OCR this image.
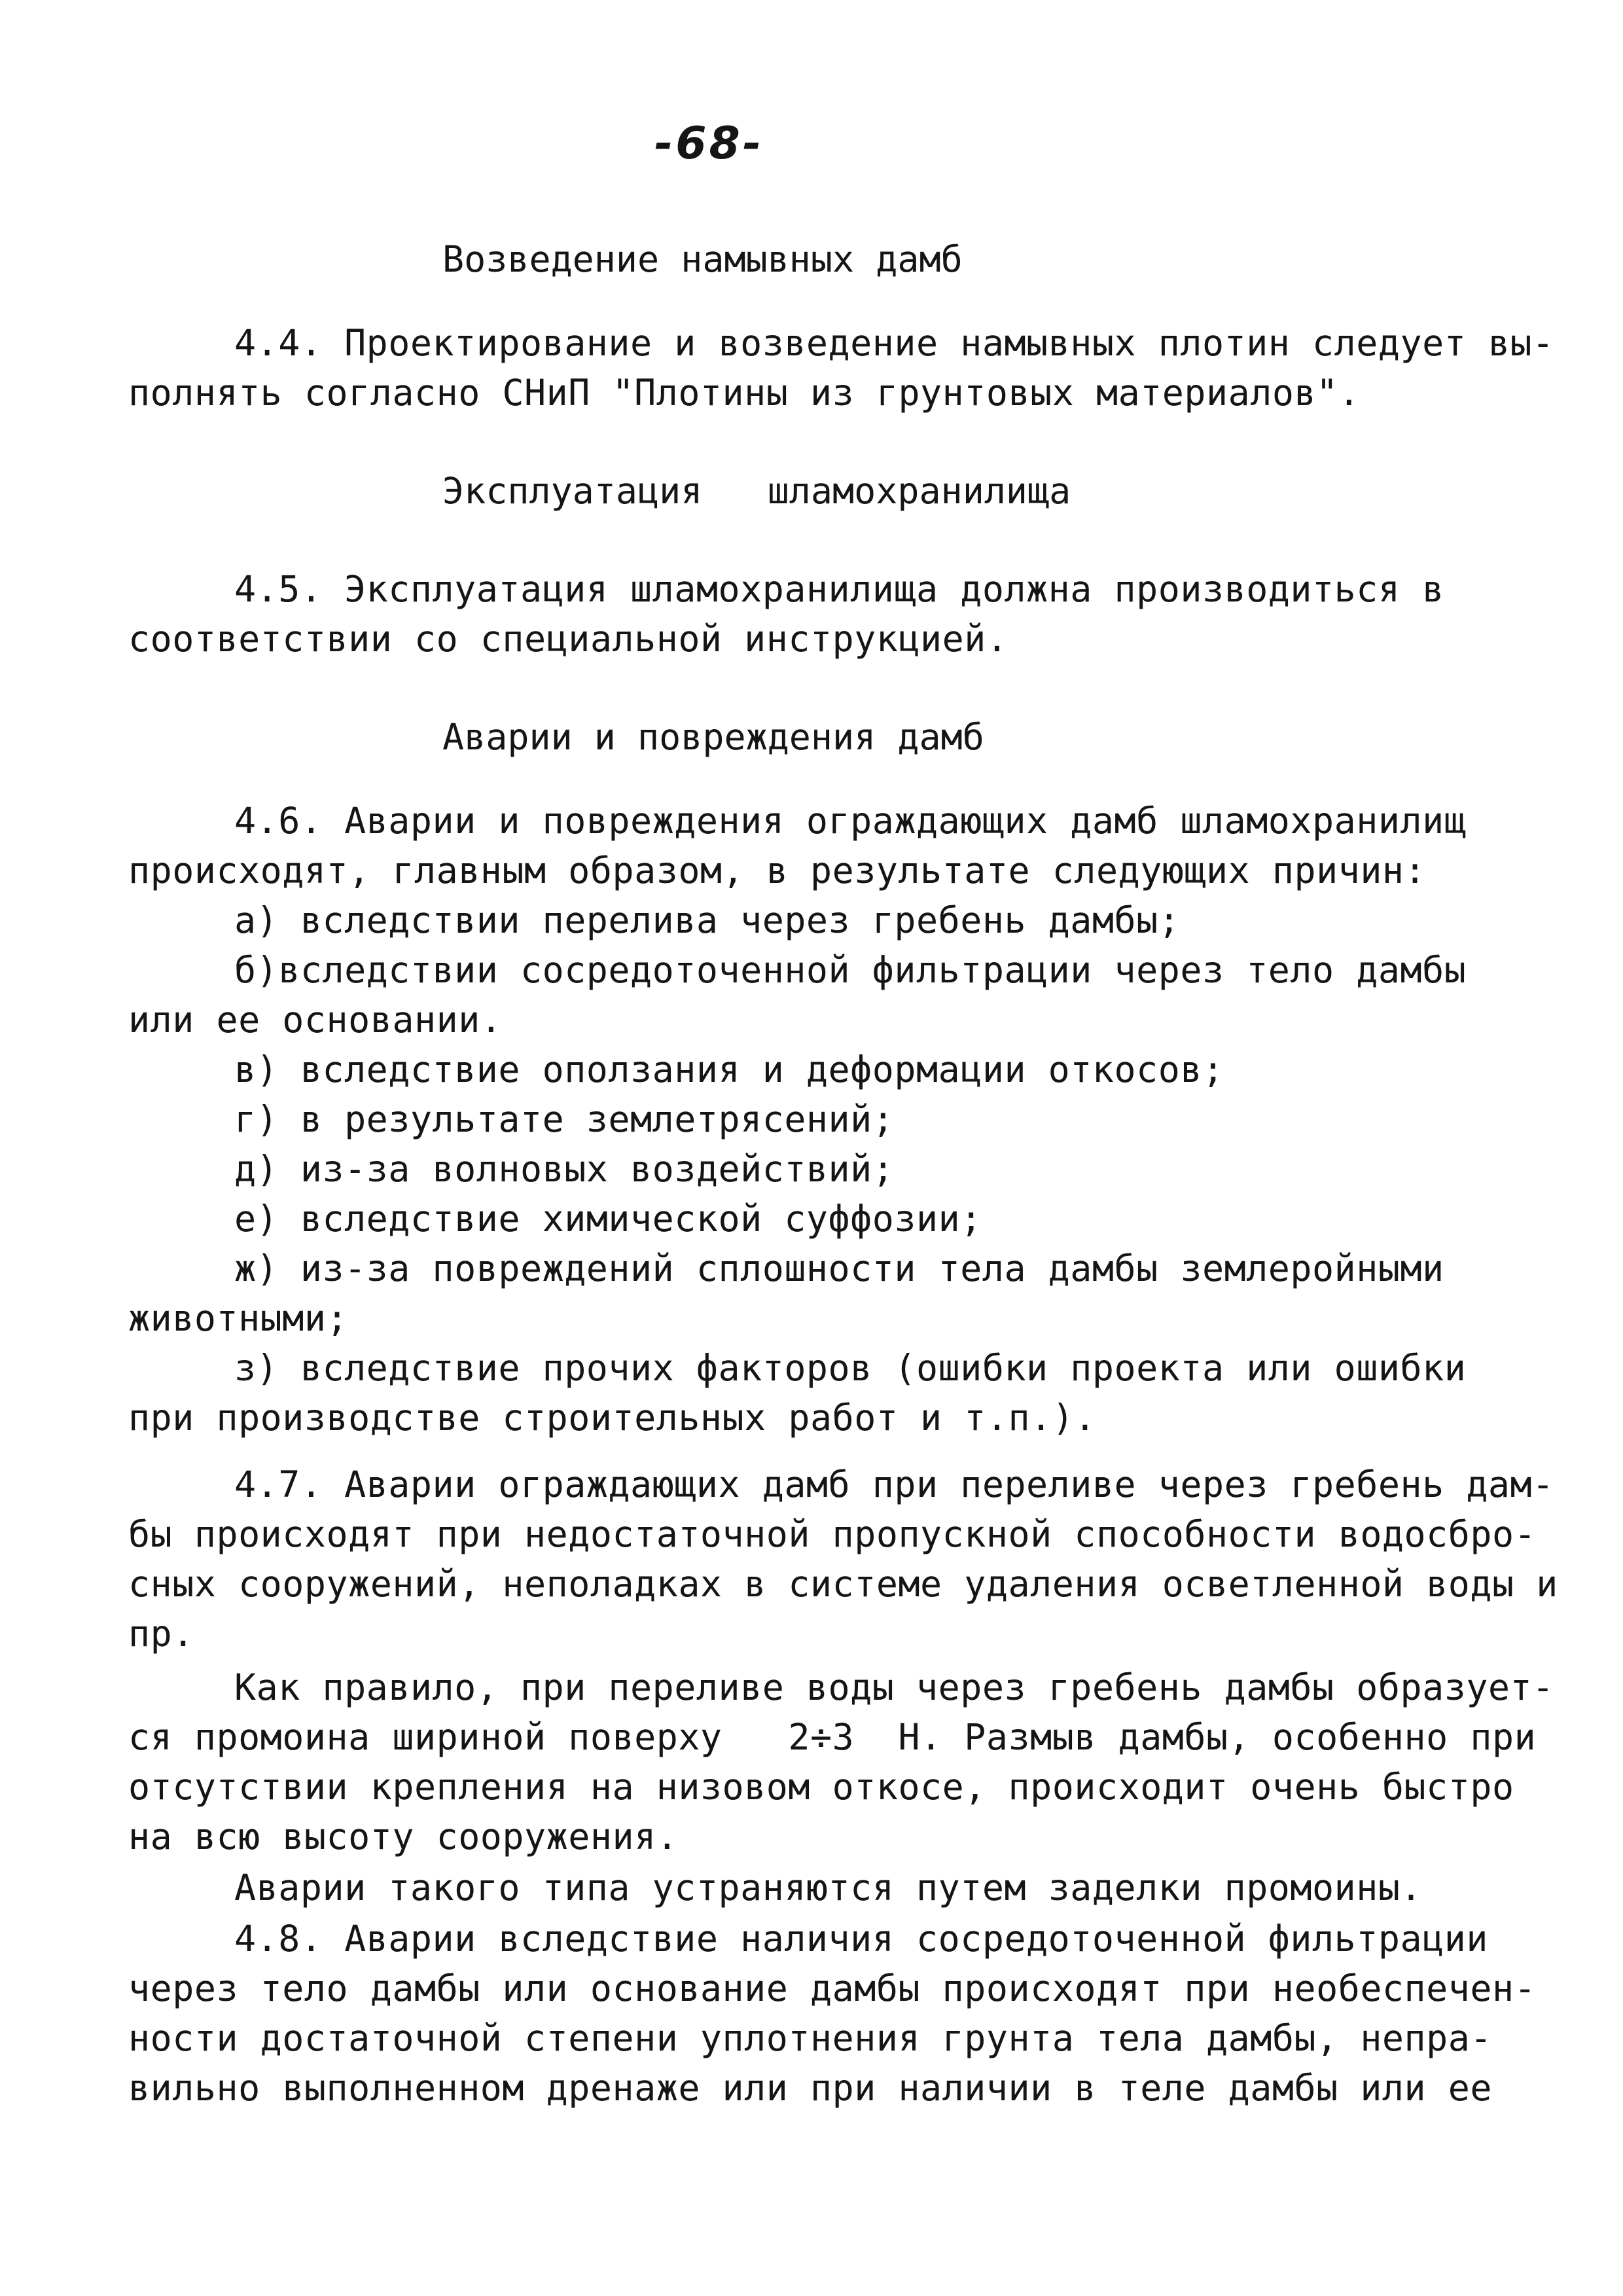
-68-
Возведение намывных дамб
4.4. Проектирование и возведение намывных плотин следует вы-
полнять согласно СНиП "Плотины из грунтовых материалов".
Эксплуатация   шламохранилища
4.5. Эксплуатация шламохранилища должна производиться в
соответствии со специальной инструкцией.
Аварии и повреждения дамб
4.6. Аварии и повреждения ограждающих дамб шламохранилищ
происходят, главным образом, в результате следующих причин:
а) вследствии перелива через гребень дамбы;
б)вследствии сосредоточенной фильтрации через тело дамбы
или ее основании.
в) вследствие оползания и деформации откосов;
г) в результате землетрясений;
д) из-за волновых воздействий;
е) вследствие химической суффозии;
ж) из-за повреждений сплошности тела дамбы землеройными
животными;
з) вследствие прочих факторов (ошибки проекта или ошибки
при производстве строительных работ и т.п.).
4.7. Аварии ограждающих дамб при переливе через гребень дам-
бы происходят при недостаточной пропускной способности водосбро-
сных сооружений, неполадках в системе удаления осветленной воды и
пр.
Как правило, при переливе воды через гребень дамбы образует-
ся промоина шириной поверху   2÷3  Н. Размыв дамбы, особенно при
отсутствии крепления на низовом откосе, происходит очень быстро
на всю высоту сооружения.
Аварии такого типа устраняются путем заделки промоины.
4.8. Аварии вследствие наличия сосредоточенной фильтрации
через тело дамбы или основание дамбы происходят при необеспечен-
ности достаточной степени уплотнения грунта тела дамбы, непра-
вильно выполненном дренаже или при наличии в теле дамбы или ее
